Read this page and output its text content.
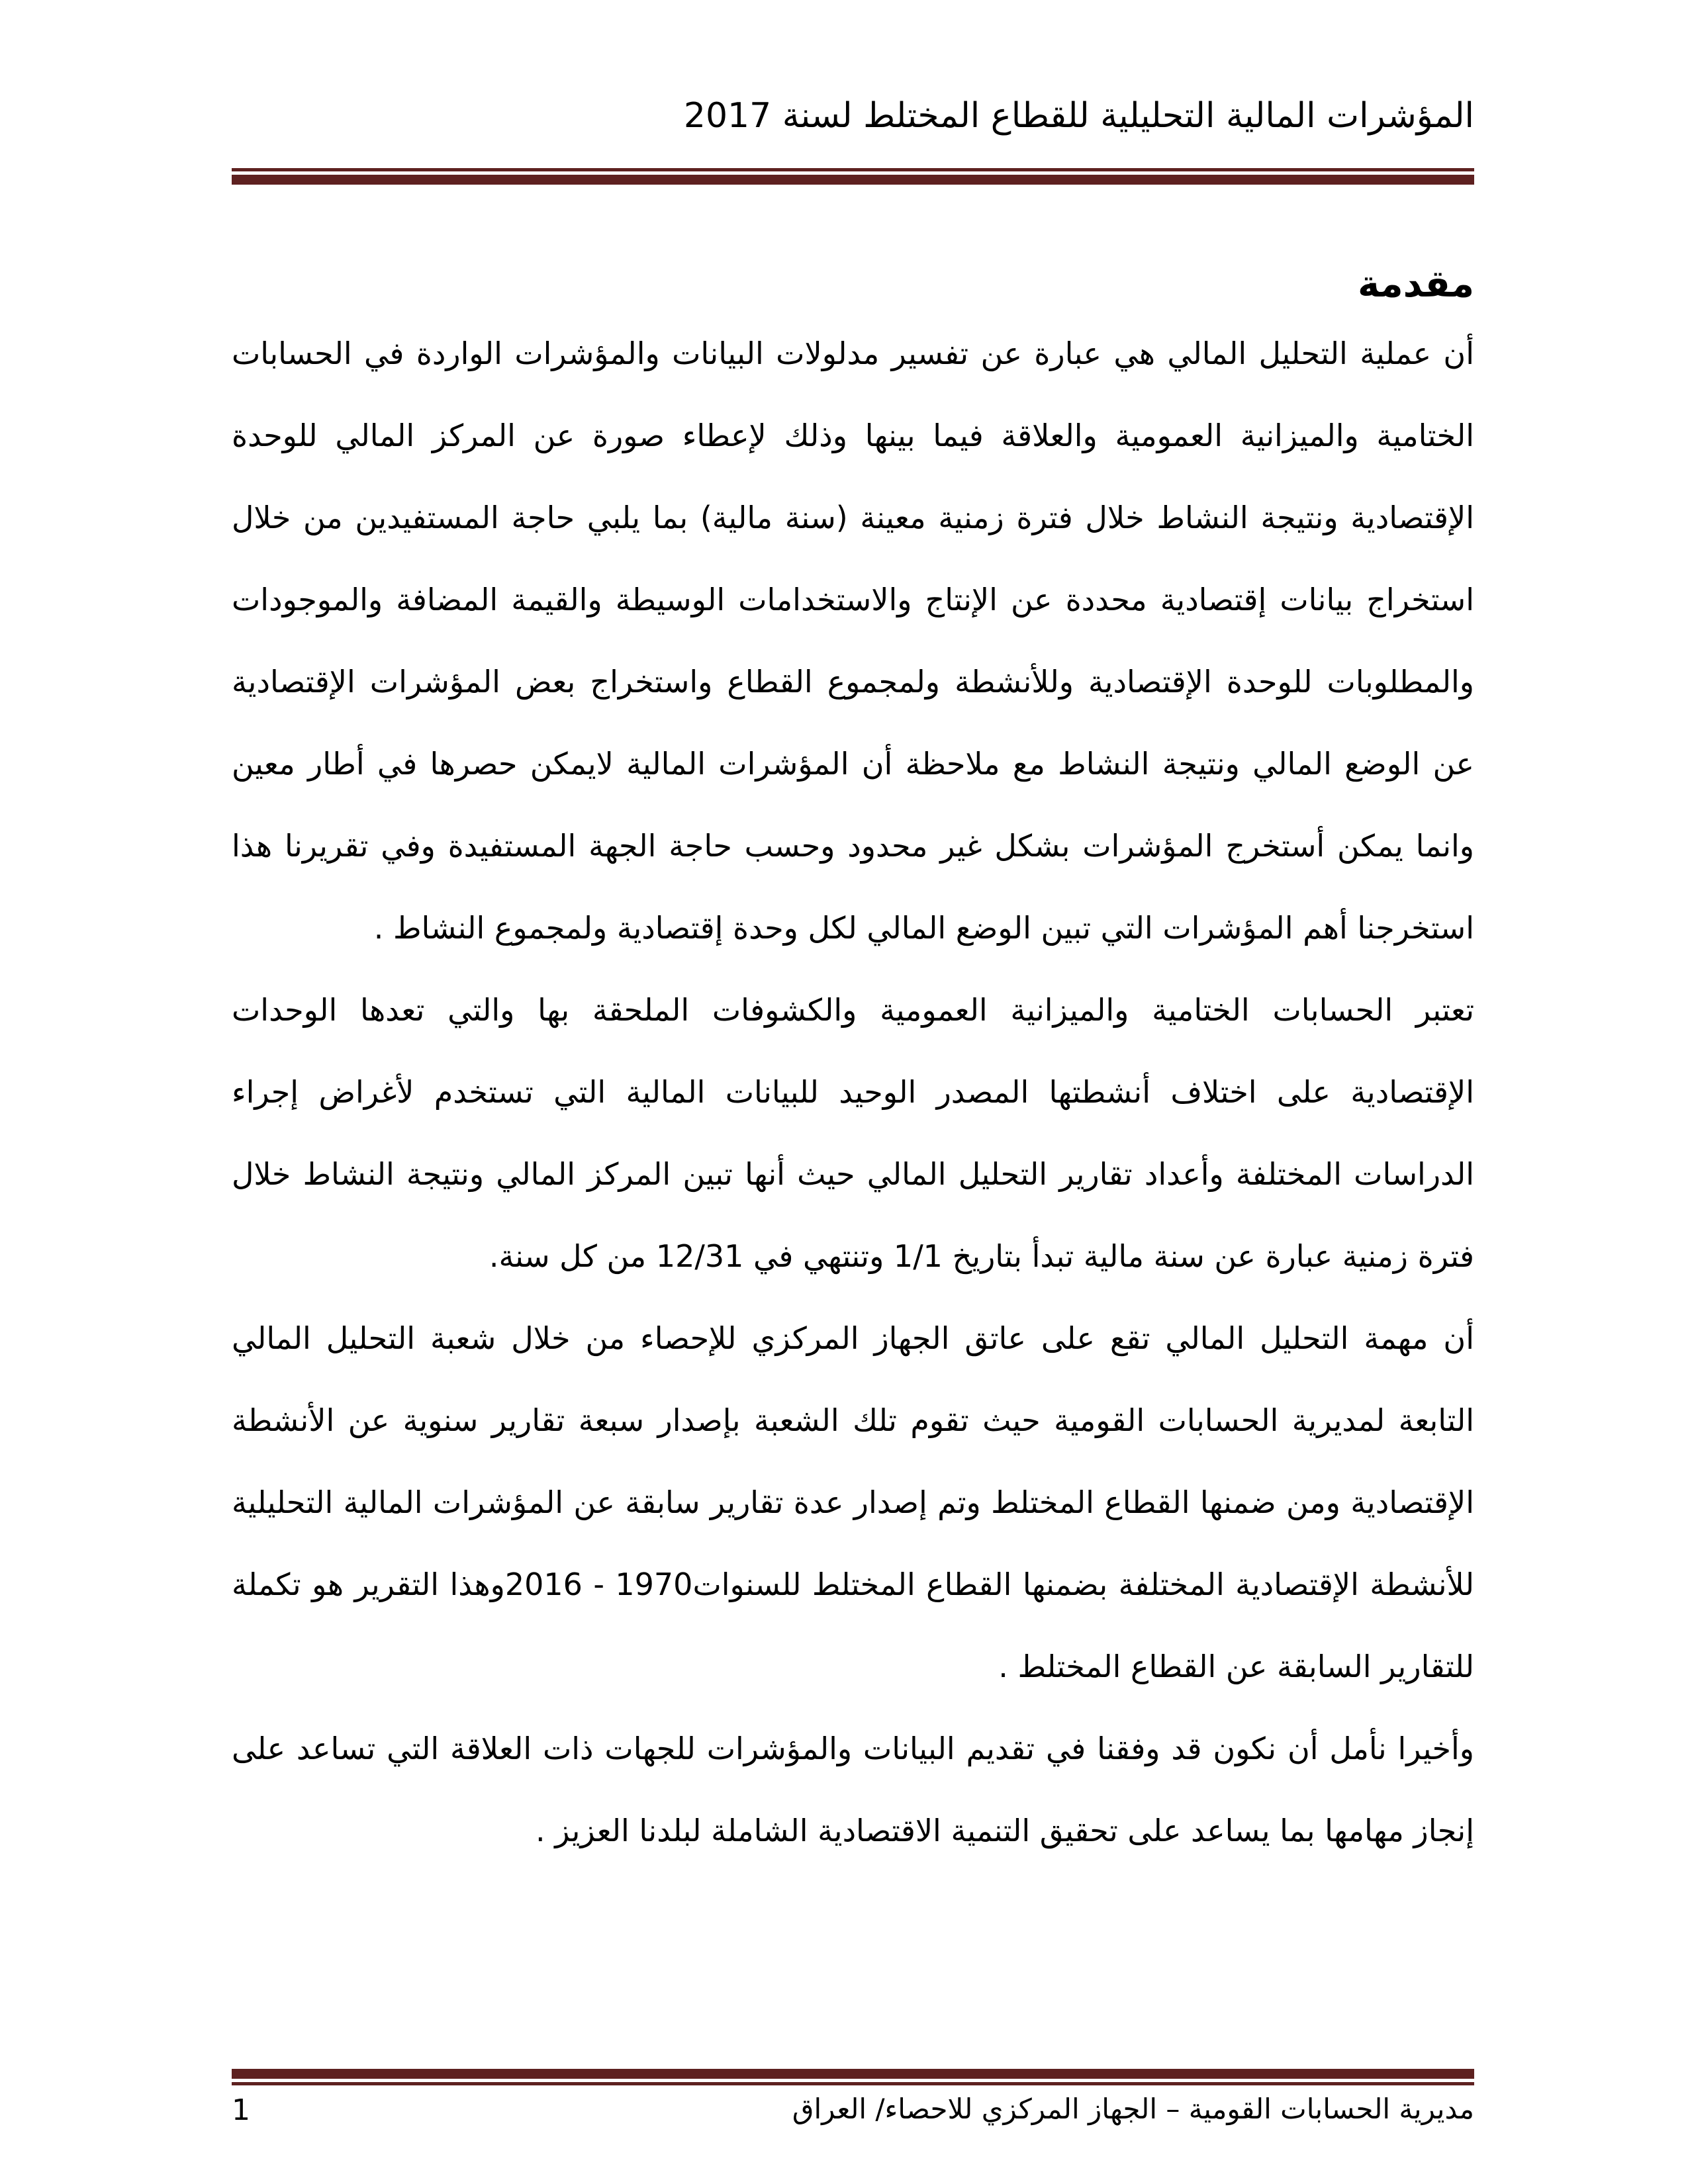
المؤشرات المالية التحليلية للقطاع المختلط لسنة 2017
مقدمة

أن عملية التحليل المالي هي عبارة عن تفسير مدلولات البيانات والمؤشرات الواردة في الحسابات الختامية والميزانية العمومية والعلاقة فيما بينها وذلك لإعطاء صورة عن المركز المالي للوحدة الإقتصادية ونتيجة النشاط خلال فترة زمنية معينة (سنة مالية) بما يلبي حاجة المستفيدين من خلال استخراج بيانات إقتصادية محددة عن الإنتاج والاستخدامات الوسيطة والقيمة المضافة والموجودات والمطلوبات للوحدة الإقتصادية وللأنشطة ولمجموع القطاع واستخراج بعض المؤشرات الإقتصادية عن الوضع المالي ونتيجة النشاط مع ملاحظة أن المؤشرات المالية لايمكن حصرها في أطار معين وانما يمكن أستخرج المؤشرات بشكل غير محدود وحسب حاجة الجهة المستفيدة وفي تقريرنا هذا استخرجنا أهم المؤشرات التي تبين الوضع المالي لكل وحدة إقتصادية ولمجموع النشاط .

تعتبر الحسابات الختامية والميزانية العمومية والكشوفات الملحقة بها والتي تعدها الوحدات الإقتصادية على اختلاف أنشطتها المصدر الوحيد للبيانات المالية التي تستخدم لأغراض إجراء الدراسات المختلفة وأعداد تقارير التحليل المالي حيث أنها تبين المركز المالي ونتيجة النشاط خلال فترة زمنية عبارة عن سنة مالية تبدأ بتاريخ 1/1 وتنتهي في 12/31 من كل سنة.

أن مهمة التحليل المالي تقع على عاتق الجهاز المركزي للإحصاء من خلال شعبة التحليل المالي التابعة لمديرية الحسابات القومية حيث تقوم تلك الشعبة بإصدار سبعة تقارير سنوية عن الأنشطة الإقتصادية ومن ضمنها القطاع المختلط وتم إصدار عدة تقارير سابقة عن المؤشرات المالية التحليلية للأنشطة الإقتصادية المختلفة بضمنها القطاع المختلط للسنوات1970 - 2016وهذا التقرير هو تكملة للتقارير السابقة عن القطاع المختلط .

وأخيرا نأمل أن نكون قد وفقنا في تقديم البيانات والمؤشرات للجهات ذات العلاقة التي تساعد على إنجاز مهامها بما يساعد على تحقيق التنمية الاقتصادية الشاملة لبلدنا العزيز .

1	مديرية الحسابات القومية – الجهاز المركزي للاحصاء/ العراق
